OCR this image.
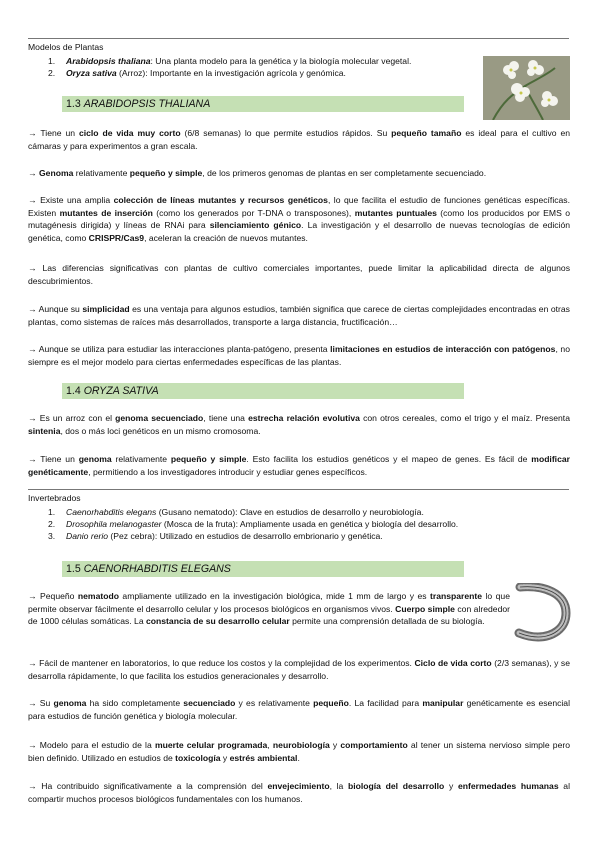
Modelos de Plantas
1.	Arabidopsis thaliana: Una planta modelo para la genética y la biología molecular vegetal.
2.	Oryza sativa (Arroz): Importante en la investigación agrícola y genómica.
1.3 ARABIDOPSIS THALIANA
→ Tiene un ciclo de vida muy corto (6/8 semanas) lo que permite estudios rápidos. Su pequeño tamaño es ideal para el cultivo en cámaras y para experimentos a gran escala.
→ Genoma relativamente pequeño y simple, de los primeros genomas de plantas en ser completamente secuenciado.
→ Existe una amplia colección de líneas mutantes y recursos genéticos, lo que facilita el estudio de funciones genéticas específicas. Existen mutantes de inserción (como los generados por T-DNA o transposones), mutantes puntuales (como los producidos por EMS o mutagénesis dirigida) y líneas de RNAi para silenciamiento génico. La investigación y el desarrollo de nuevas tecnologías de edición genética, como CRISPR/Cas9, aceleran la creación de nuevos mutantes.
→ Las diferencias significativas con plantas de cultivo comerciales importantes, puede limitar la aplicabilidad directa de algunos descubrimientos.
→ Aunque su simplicidad es una ventaja para algunos estudios, también significa que carece de ciertas complejidades encontradas en otras plantas, como sistemas de raíces más desarrollados, transporte a larga distancia, fructificación…
→ Aunque se utiliza para estudiar las interacciones planta-patógeno, presenta limitaciones en estudios de interacción con patógenos, no siempre es el mejor modelo para ciertas enfermedades específicas de las plantas.
1.4 ORYZA SATIVA
→ Es un arroz con el genoma secuenciado, tiene una estrecha relación evolutiva con otros cereales, como el trigo y el maíz. Presenta sintenia, dos o más loci genéticos en un mismo cromosoma.
→ Tiene un genoma relativamente pequeño y simple. Esto facilita los estudios genéticos y el mapeo de genes. Es fácil de modificar genéticamente, permitiendo a los investigadores introducir y estudiar genes específicos.
Invertebrados
1.	Caenorhabditis elegans (Gusano nematodo): Clave en estudios de desarrollo y neurobiología.
2.	Drosophila melanogaster (Mosca de la fruta): Ampliamente usada en genética y biología del desarrollo.
3.	Danio rerio (Pez cebra): Utilizado en estudios de desarrollo embrionario y genética.
1.5 CAENORHABDITIS ELEGANS
→ Pequeño nematodo ampliamente utilizado en la investigación biológica, mide 1 mm de largo y es transparente lo que permite observar fácilmente el desarrollo celular y los procesos biológicos en organismos vivos. Cuerpo simple con alrededor de 1000 células somáticas. La constancia de su desarrollo celular permite una comprensión detallada de su biología.
→ Fácil de mantener en laboratorios, lo que reduce los costos y la complejidad de los experimentos. Ciclo de vida corto (2/3 semanas), y se desarrolla rápidamente, lo que facilita los estudios generacionales y desarrollo.
→ Su genoma ha sido completamente secuenciado y es relativamente pequeño. La facilidad para manipular genéticamente es esencial para estudios de función genética y biología molecular.
→ Modelo para el estudio de la muerte celular programada, neurobiología y comportamiento al tener un sistema nervioso simple pero bien definido. Utilizado en estudios de toxicología y estrés ambiental.
→ Ha contribuido significativamente a la comprensión del envejecimiento, la biología del desarrollo y enfermedades humanas al compartir muchos procesos biológicos fundamentales con los humanos.
